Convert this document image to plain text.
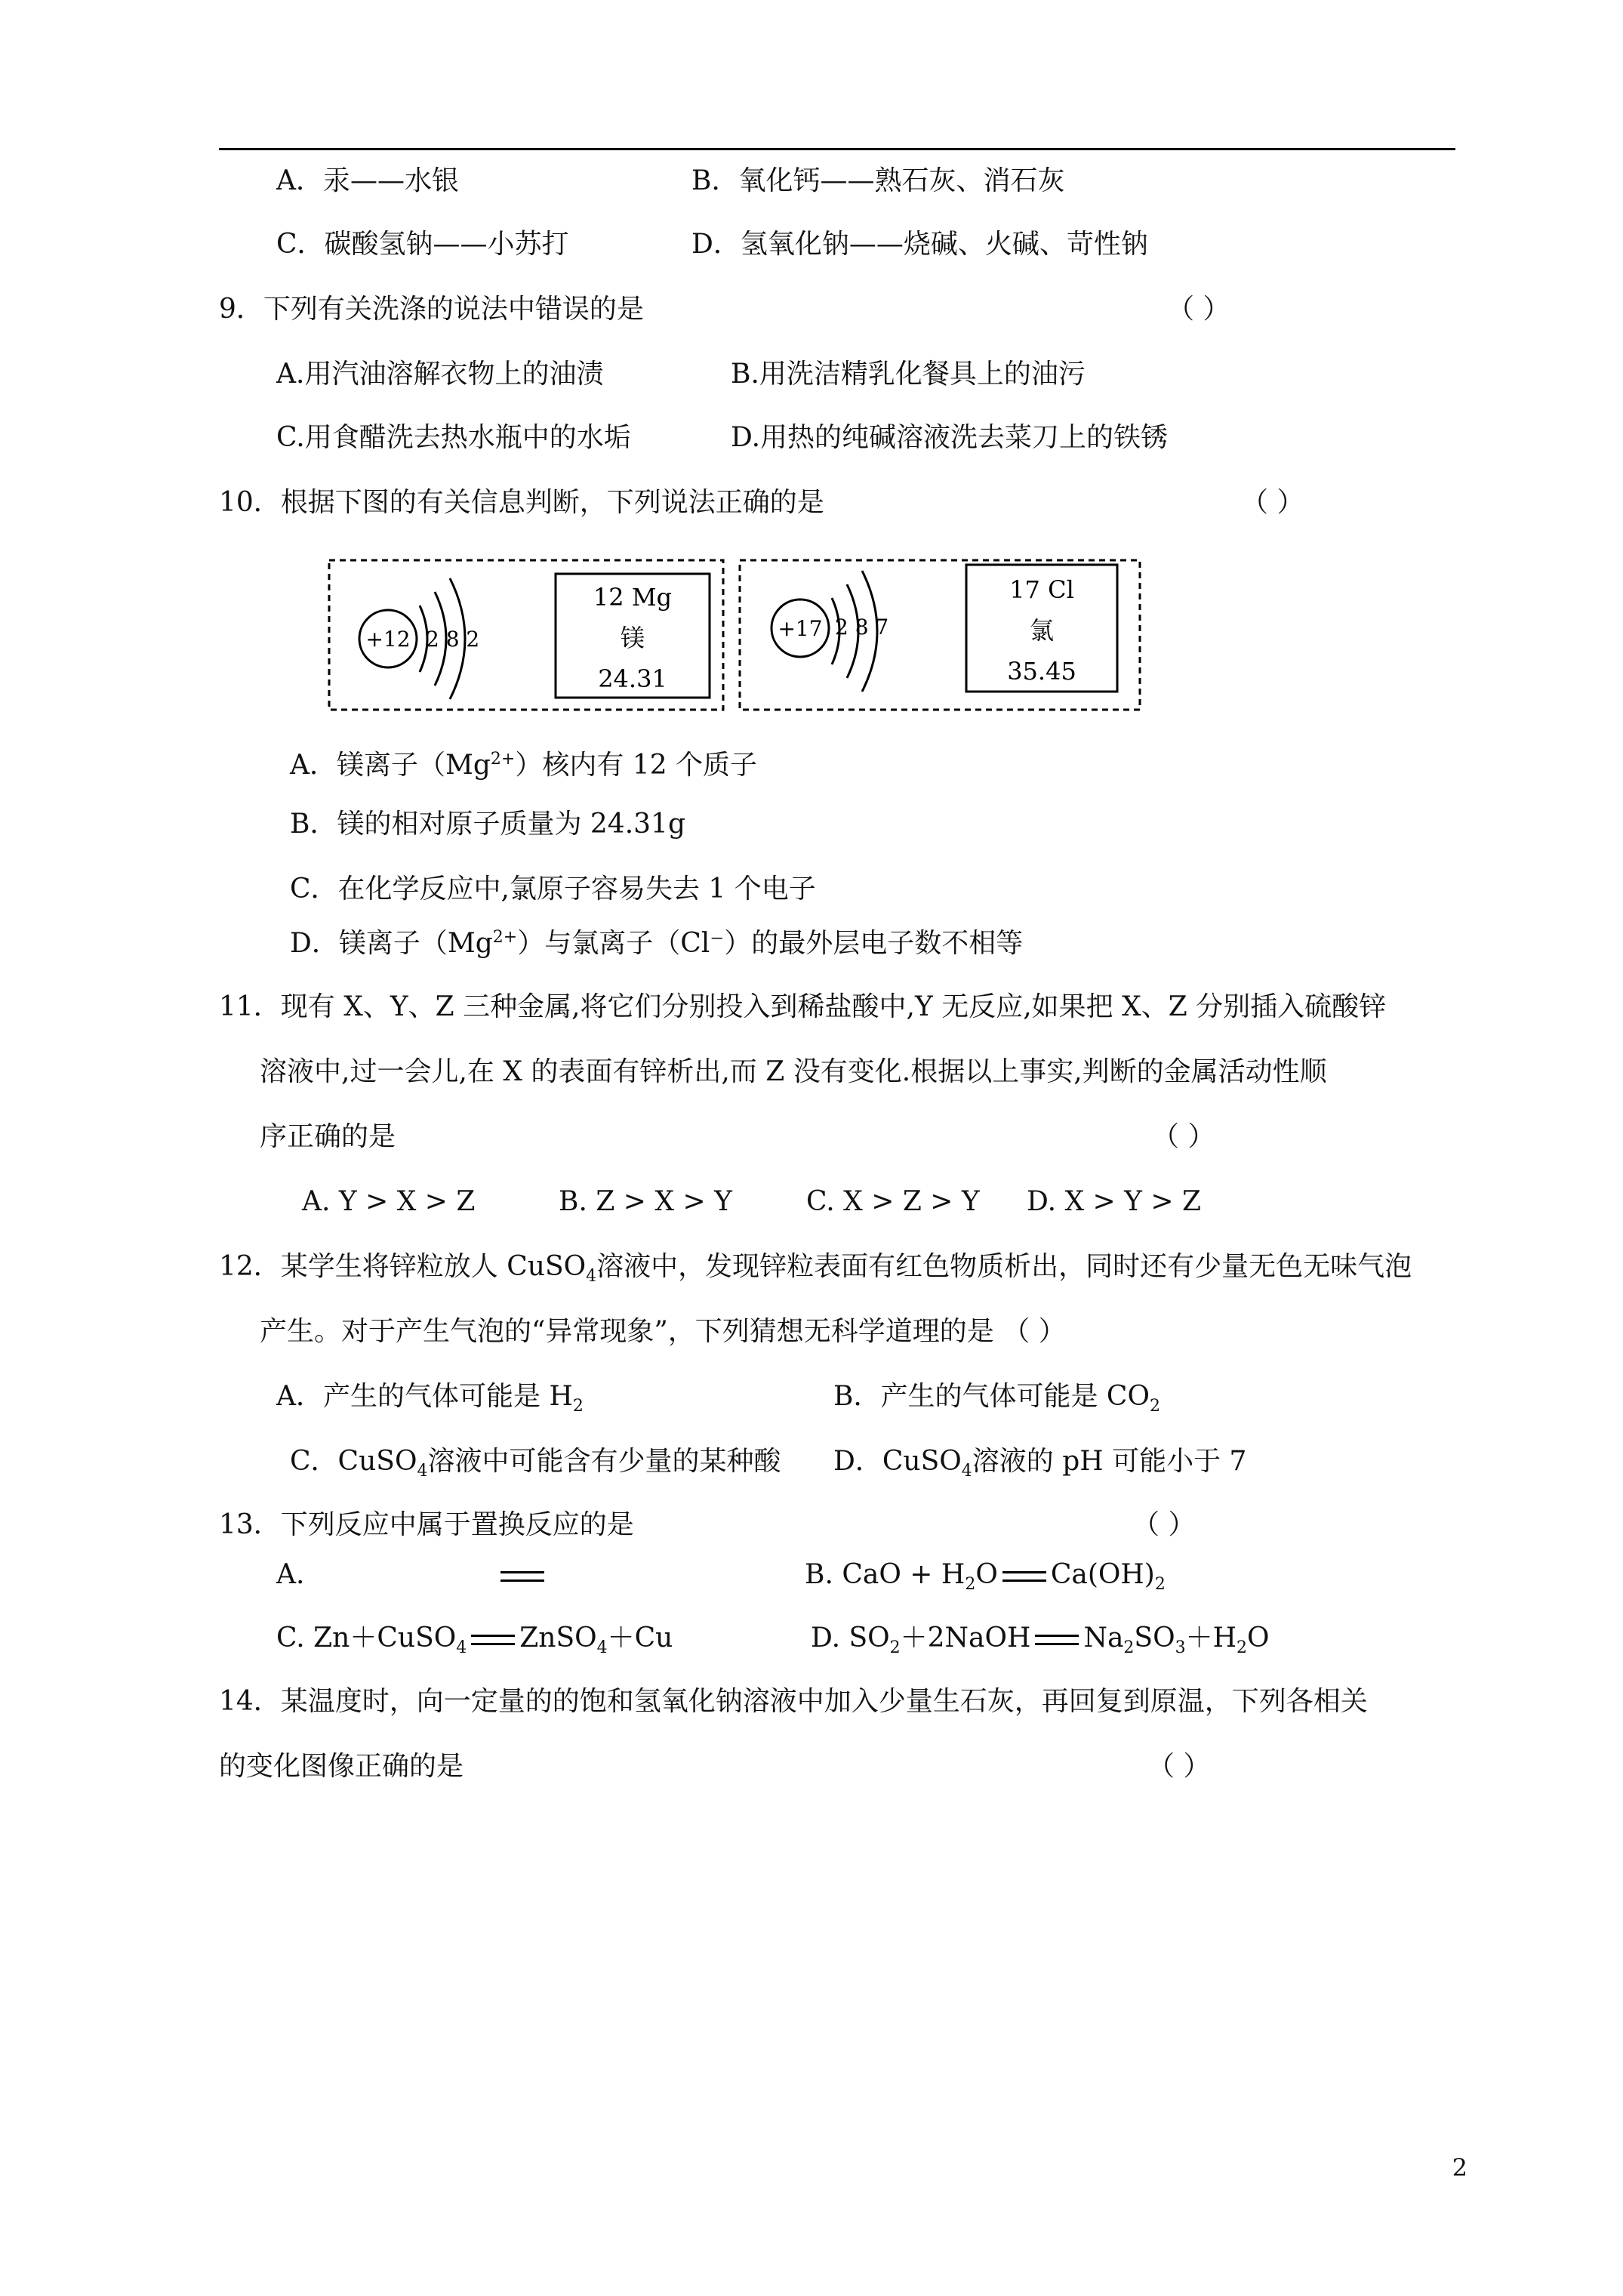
A．汞——水银	B．氧化钙——熟石灰、消石灰
C．碳酸氢钠——小苏打	D．氢氧化钠——烧碱、火碱、苛性钠
9．下列有关洗涤的说法中错误的是	（ ）
A.用汽油溶解衣物上的油渍	B.用洗洁精乳化餐具上的油污
C.用食醋洗去热水瓶中的水垢	D.用热的纯碱溶液洗去菜刀上的铁锈
10．根据下图的有关信息判断，下列说法正确的是	（ ）
+12 2 8 2
12 Mg
镁
24.31
+17 2 8 7
17 Cl
氯
35.45
A．镁离子$(Mg^{2+})$核内有 12 个质子
B．镁的相对原子质量为 24.31g
C．在化学反应中,氯原子容易失去 1 个电子
D．镁离子$(Mg^{2+})$与氯离子（Cl⁻）的最外层电子数不相等
11．现有 X、Y、Z 三种金属,将它们分别投入到稀盐酸中,Y 无反应,如果把 X、Z 分别插入硫酸锌
溶液中,过一会儿,在 X 的表面有锌析出,而 Z 没有变化.根据以上事实,判断的金属活动性顺
序正确的是	（ ）
A. Y > X > Z	B. Z > X > Y	C. X > Z > Y D. X > Y > Z
12．某学生将锌粒放人 CuSO$_4$溶液中，发现锌粒表面有红色物质析出，同时还有少量无色无味气泡
产生。对于产生气泡的“异常现象”，下列猜想无科学道理的是 （ ）
A．产生的气体可能是 $H_2$	B．产生的气体可能是 $CO_2$
C．CuSO$_4$溶液中可能含有少量的某种酸 D．CuSO$_4$溶液的 pH 可能小于 7
13．下列反应中属于置换反应的是	（ ）
A.	B. CaO + $H_2O$ $Ca(OH)_2$
C. Zn＋CuSO$_4$ ZnSO$_4$＋Cu	D. $SO_2+2NaOH$ $Na_2SO_3+H_2O$
14．某温度时，向一定量的的饱和氢氧化钠溶液中加入少量生石灰，再回复到原温，下列各相关
的变化图像正确的是	（ ）
2
